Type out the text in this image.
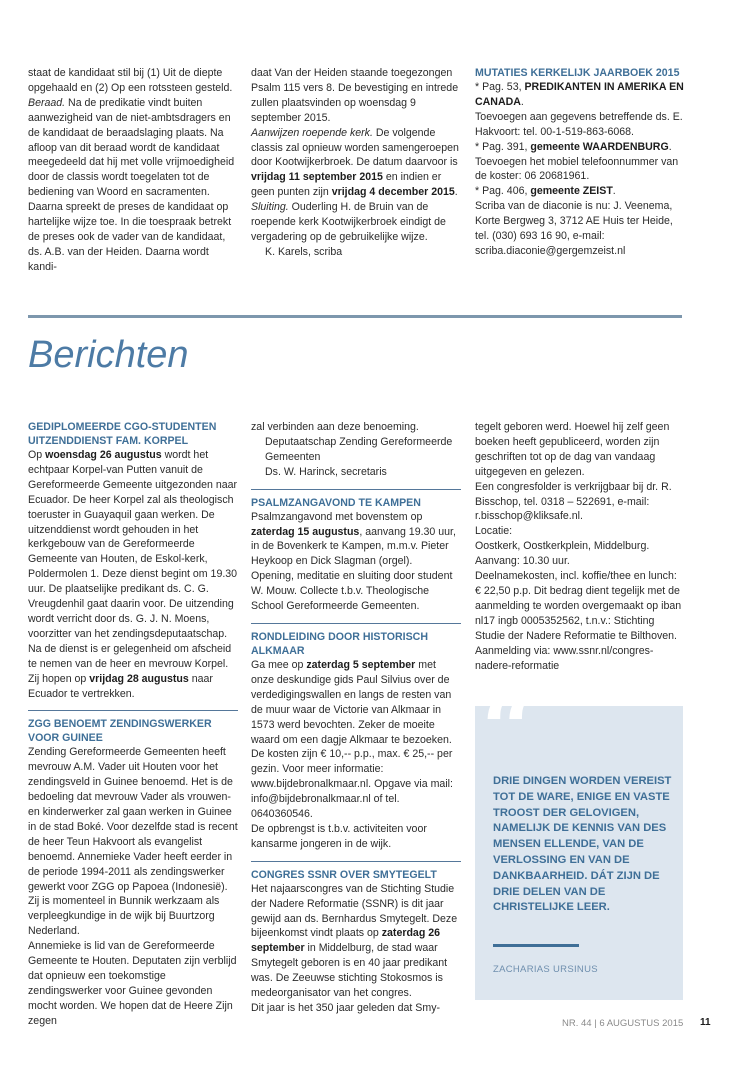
staat de kandidaat stil bij (1) Uit de diepte opgehaald en (2) Op een rotssteen gesteld.

Beraad. Na de predikatie vindt buiten aanwezigheid van de niet-ambtsdragers en de kandidaat de beraadslaging plaats. Na afloop van dit beraad wordt de kandidaat meegedeeld dat hij met volle vrijmoedigheid door de classis wordt toegelaten tot de bediening van Woord en sacramenten. Daarna spreekt de preses de kandidaat op hartelijke wijze toe. In die toespraak betrekt de preses ook de vader van de kandidaat, ds. A.B. van der Heiden. Daarna wordt kandi-

daat Van der Heiden staande toegezongen Psalm 115 vers 8. De bevestiging en intrede zullen plaatsvinden op woensdag 9 september 2015.

Aanwijzen roepende kerk. De volgende classis zal opnieuw worden samengeroepen door Kootwijkerbroek. De datum daarvoor is vrijdag 11 september 2015 en indien er geen punten zijn vrijdag 4 december 2015.

Sluiting. Ouderling H. de Bruin van de roepende kerk Kootwijkerbroek eindigt de vergadering op de gebruikelijke wijze.

K. Karels, scriba

MUTATIES KERKELIJK JAARBOEK 2015

* Pag. 53, PREDIKANTEN IN AMERIKA EN CANADA.

Toevoegen aan gegevens betreffende ds. E. Hakvoort: tel. 00-1-519-863-6068.

* Pag. 391, gemeente WAARDENBURG.

Toevoegen het mobiel telefoonnummer van de koster: 06 20681961.

* Pag. 406, gemeente ZEIST.

Scriba van de diaconie is nu: J. Veenema, Korte Bergweg 3, 3712 AE Huis ter Heide, tel. (030) 693 16 90, e-mail: scriba.diaconie@gergemzeist.nl

Berichten

GEDIPLOMEERDE CGO-STUDENTEN UITZENDDIENST FAM. KORPEL

Op woensdag 26 augustus wordt het echtpaar Korpel-van Putten vanuit de Gereformeerde Gemeente uitgezonden naar Ecuador. De heer Korpel zal als theologisch toeruster in Guayaquil gaan werken. De uitzenddienst wordt gehouden in het kerkgebouw van de Gereformeerde Gemeente van Houten, de Eskol-kerk, Poldermolen 1. Deze dienst begint om 19.30 uur. De plaatselijke predikant ds. C. G. Vreugdenhil gaat daarin voor. De uitzending wordt verricht door ds. G. J. N. Moens, voorzitter van het zendingsdeputaatschap. Na de dienst is er gelegenheid om afscheid te nemen van de heer en mevrouw Korpel. Zij hopen op vrijdag 28 augustus naar Ecuador te vertrekken.

ZGG BENOEMT ZENDINGSWERKER VOOR GUINEE

Zending Gereformeerde Gemeenten heeft mevrouw A.M. Vader uit Houten voor het zendingsveld in Guinee benoemd. Het is de bedoeling dat mevrouw Vader als vrouwen- en kinderwerker zal gaan werken in Guinee in de stad Boké. Voor dezelfde stad is recent de heer Teun Hakvoort als evangelist benoemd. Annemieke Vader heeft eerder in de periode 1994-2011 als zendingswerker gewerkt voor ZGG op Papoea (Indonesië). Zij is momenteel in Bunnik werkzaam als verpleegkundige in de wijk bij Buurtzorg Nederland.

Annemieke is lid van de Gereformeerde Gemeente te Houten. Deputaten zijn verblijd dat opnieuw een toekomstige zendingswerker voor Guinee gevonden mocht worden. We hopen dat de Heere Zijn zegen

zal verbinden aan deze benoeming.

Deputaatschap Zending Gereformeerde Gemeenten

Ds. W. Harinck, secretaris

PSALMZANGAVOND TE KAMPEN

Psalmzangavond met bovenstem op zaterdag 15 augustus, aanvang 19.30 uur, in de Bovenkerk te Kampen, m.m.v. Pieter Heykoop en Dick Slagman (orgel).

Opening, meditatie en sluiting door student W. Mouw. Collecte t.b.v. Theologische School Gereformeerde Gemeenten.

RONDLEIDING DOOR HISTORISCH ALKMAAR

Ga mee op zaterdag 5 september met onze deskundige gids Paul Silvius over de verdedigingswallen en langs de resten van de muur waar de Victorie van Alkmaar in 1573 werd bevochten. Zeker de moeite waard om een dagje Alkmaar te bezoeken. De kosten zijn € 10,-- p.p., max. € 25,-- per gezin. Voor meer informatie: www.bijdebronalkmaar.nl. Opgave via mail: info@bijdebronalkmaar.nl of tel. 0640360546.

De opbrengst is t.b.v. activiteiten voor kansarme jongeren in de wijk.

CONGRES SSNR OVER SMYTEGELT

Het najaarscongres van de Stichting Studie der Nadere Reformatie (SSNR) is dit jaar gewijd aan ds. Bernhardus Smytegelt. Deze bijeenkomst vindt plaats op zaterdag 26 september in Middelburg, de stad waar Smytegelt geboren is en 40 jaar predikant was. De Zeeuwse stichting Stokosmos is medeorganisator van het congres.

Dit jaar is het 350 jaar geleden dat Smy-

tegelt geboren werd. Hoewel hij zelf geen boeken heeft gepubliceerd, worden zijn geschriften tot op de dag van vandaag uitgegeven en gelezen.

Een congresfolder is verkrijgbaar bij dr. R. Bisschop, tel. 0318 – 522691, e-mail: r.bisschop@kliksafe.nl.

Locatie:

Oostkerk, Oostkerkplein, Middelburg.

Aanvang: 10.30 uur.

Deelnamekosten, incl. koffie/thee en lunch: € 22,50 p.p. Dit bedrag dient tegelijk met de aanmelding te worden overgemaakt op iban nl17 ingb 0005352562, t.n.v.: Stichting Studie der Nadere Reformatie te Bilthoven.

Aanmelding via: www.ssnr.nl/congres-nadere-reformatie

“
DRIE DINGEN WORDEN VEREIST TOT DE WARE, ENIGE EN VASTE TROOST DER GELOVIGEN, NAMELIJK DE KENNIS VAN DES MENSEN ELLENDE, VAN DE VERLOSSING EN VAN DE DANKBAARHEID. DÁT ZIJN DE DRIE DELEN VAN DE CHRISTELIJKE LEER.
ZACHARIAS URSINUS
NR. 44 | 6 AUGUSTUS 2015 11
